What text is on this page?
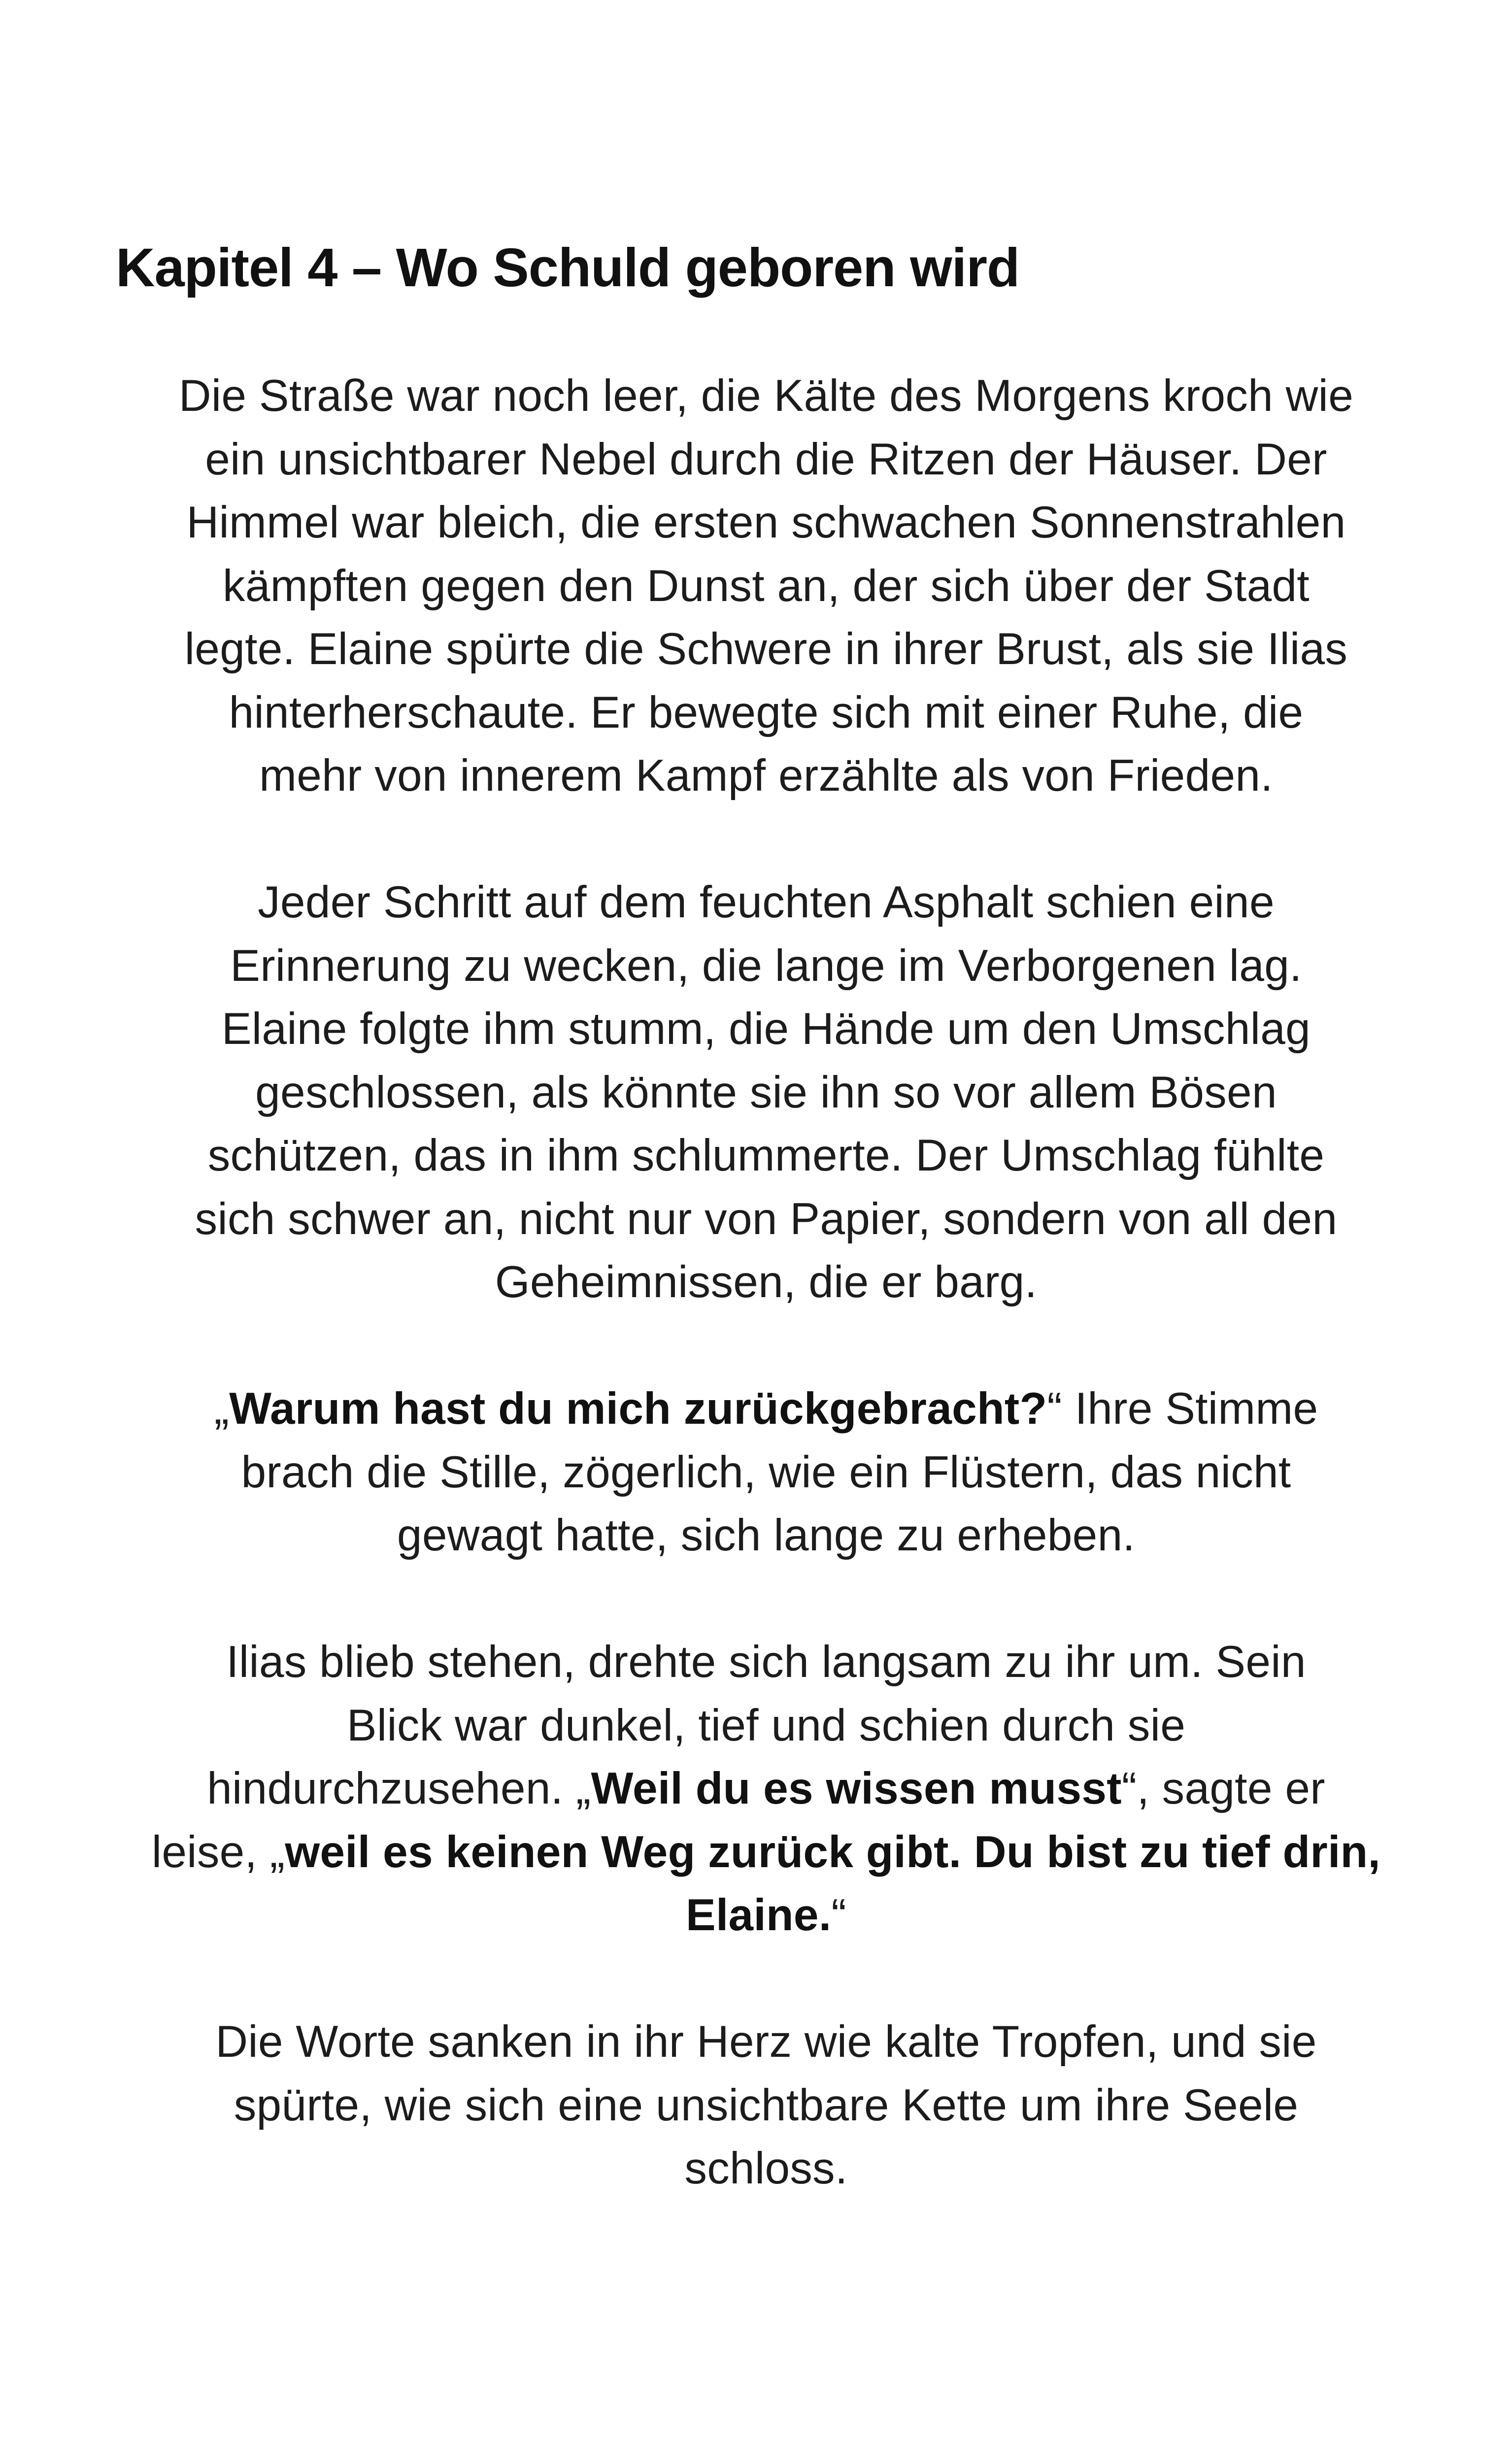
Kapitel 4 – Wo Schuld geboren wird

Die Straße war noch leer, die Kälte des Morgens kroch wie
ein unsichtbarer Nebel durch die Ritzen der Häuser. Der
Himmel war bleich, die ersten schwachen Sonnenstrahlen
kämpften gegen den Dunst an, der sich über der Stadt
legte. Elaine spürte die Schwere in ihrer Brust, als sie Ilias
hinterherschaute. Er bewegte sich mit einer Ruhe, die
mehr von innerem Kampf erzählte als von Frieden.

Jeder Schritt auf dem feuchten Asphalt schien eine
Erinnerung zu wecken, die lange im Verborgenen lag.
Elaine folgte ihm stumm, die Hände um den Umschlag
geschlossen, als könnte sie ihn so vor allem Bösen
schützen, das in ihm schlummerte. Der Umschlag fühlte
sich schwer an, nicht nur von Papier, sondern von all den
Geheimnissen, die er barg.

„Warum hast du mich zurückgebracht?“ Ihre Stimme
brach die Stille, zögerlich, wie ein Flüstern, das nicht
gewagt hatte, sich lange zu erheben.

Ilias blieb stehen, drehte sich langsam zu ihr um. Sein
Blick war dunkel, tief und schien durch sie
hindurchzusehen. „Weil du es wissen musst“, sagte er
leise, „weil es keinen Weg zurück gibt. Du bist zu tief drin,
Elaine.“

Die Worte sanken in ihr Herz wie kalte Tropfen, und sie
spürte, wie sich eine unsichtbare Kette um ihre Seele
schloss.
